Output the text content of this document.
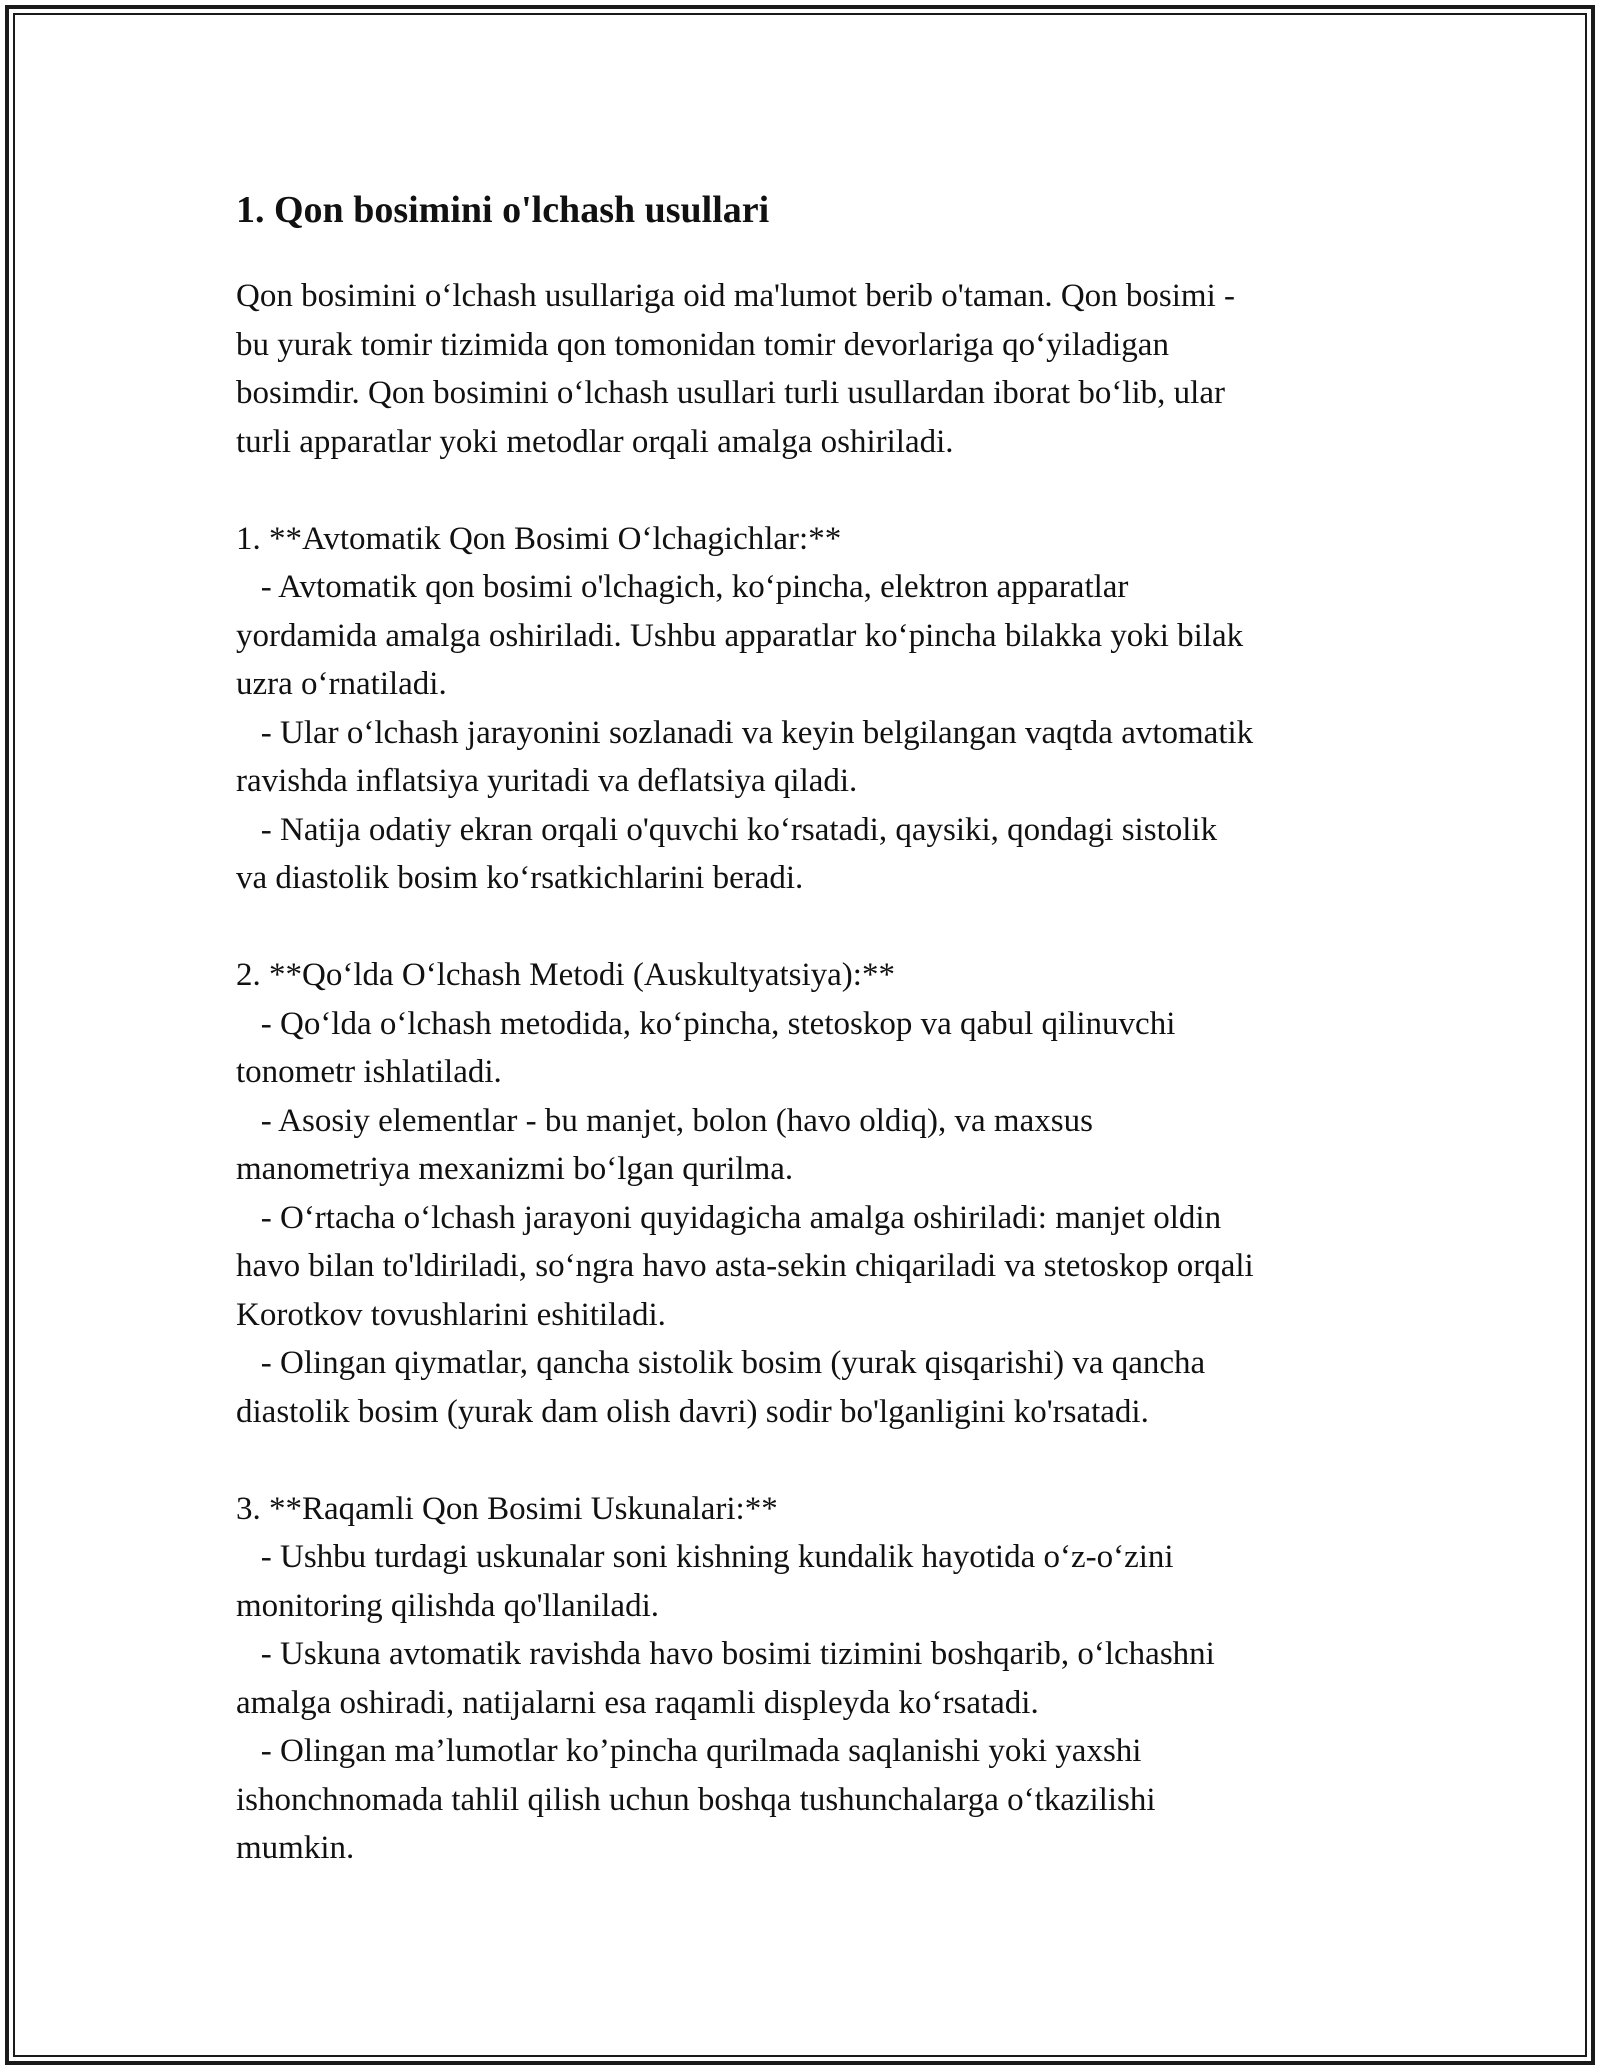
1. Qon bosimini o'lchash usullari

Qon bosimini o‘lchash usullariga oid ma'lumot berib o'taman. Qon bosimi -

bu yurak tomir tizimida qon tomonidan tomir devorlariga qo‘yiladigan

bosimdir. Qon bosimini o‘lchash usullari turli usullardan iborat bo‘lib, ular

turli apparatlar yoki metodlar orqali amalga oshiriladi.

1. **Avtomatik Qon Bosimi O‘lchagichlar:**

- Avtomatik qon bosimi o'lchagich, ko‘pincha, elektron apparatlar

yordamida amalga oshiriladi. Ushbu apparatlar ko‘pincha bilakka yoki bilak

uzra o‘rnatiladi.

- Ular o‘lchash jarayonini sozlanadi va keyin belgilangan vaqtda avtomatik

ravishda inflatsiya yuritadi va deflatsiya qiladi.

- Natija odatiy ekran orqali o'quvchi ko‘rsatadi, qaysiki, qondagi sistolik

va diastolik bosim ko‘rsatkichlarini beradi.

2. **Qo‘lda O‘lchash Metodi (Auskultyatsiya):**

- Qo‘lda o‘lchash metodida, ko‘pincha, stetoskop va qabul qilinuvchi

tonometr ishlatiladi.

- Asosiy elementlar - bu manjet, bolon (havo oldiq), va maxsus

manometriya mexanizmi bo‘lgan qurilma.

- O‘rtacha o‘lchash jarayoni quyidagicha amalga oshiriladi: manjet oldin

havo bilan to'ldiriladi, so‘ngra havo asta-sekin chiqariladi va stetoskop orqali

Korotkov tovushlarini eshitiladi.

- Olingan qiymatlar, qancha sistolik bosim (yurak qisqarishi) va qancha

diastolik bosim (yurak dam olish davri) sodir bo'lganligini ko'rsatadi.

3. **Raqamli Qon Bosimi Uskunalari:**

- Ushbu turdagi uskunalar soni kishning kundalik hayotida o‘z-o‘zini

monitoring qilishda qo'llaniladi.

- Uskuna avtomatik ravishda havo bosimi tizimini boshqarib, o‘lchashni

amalga oshiradi, natijalarni esa raqamli displeyda ko‘rsatadi.

- Olingan ma’lumotlar ko’pincha qurilmada saqlanishi yoki yaxshi

ishonchnomada tahlil qilish uchun boshqa tushunchalarga o‘tkazilishi

mumkin.
